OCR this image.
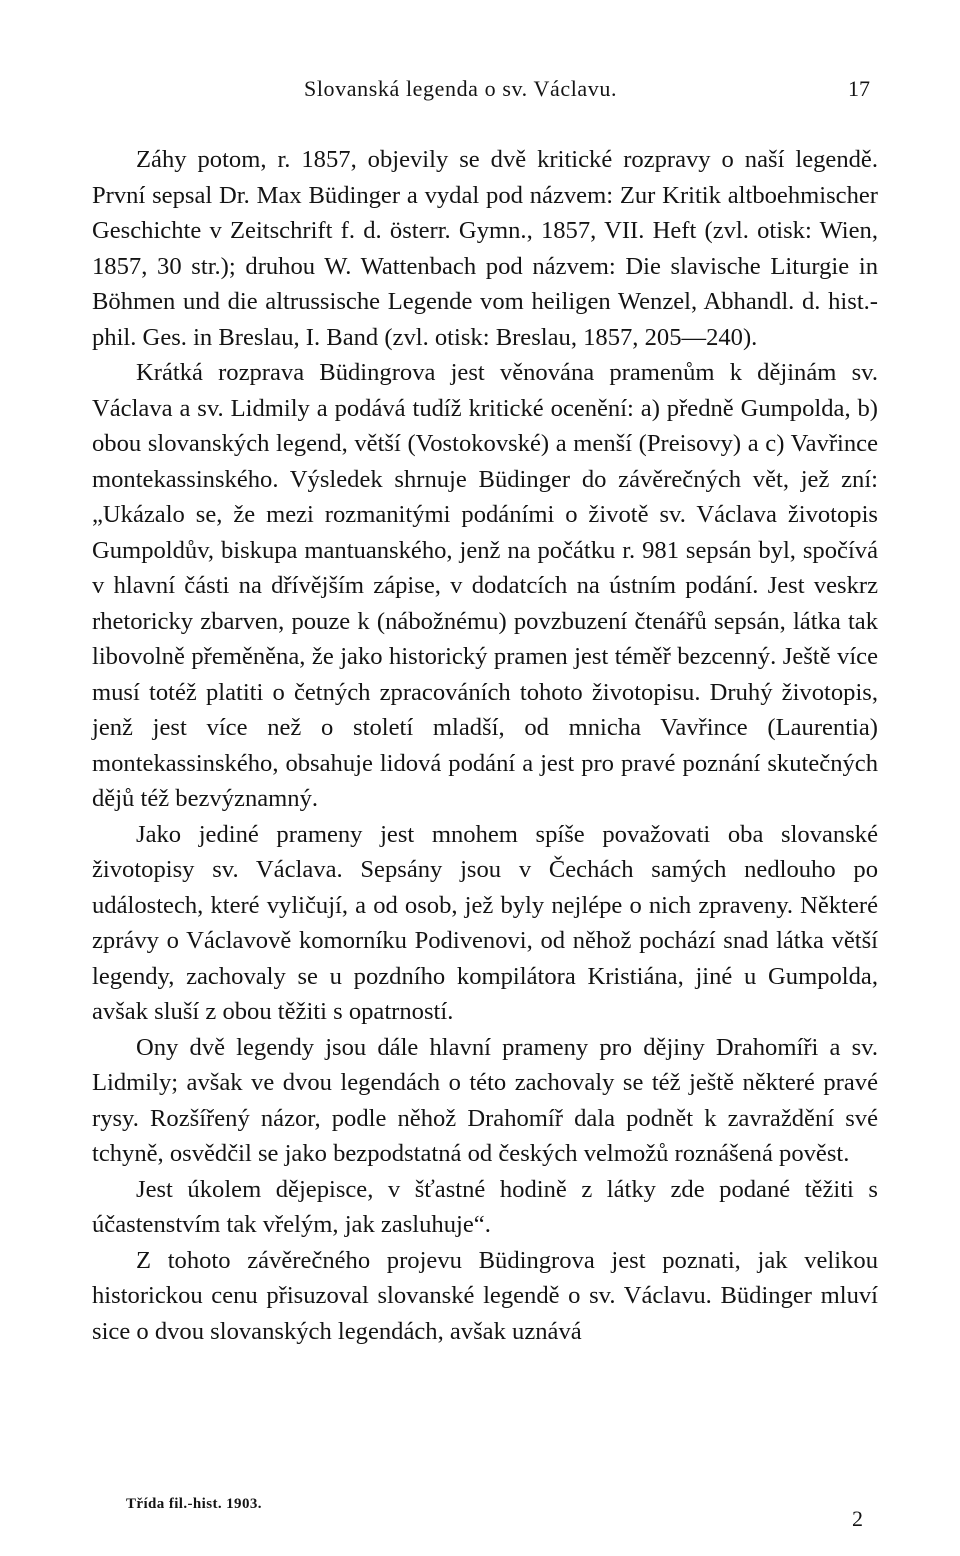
Slovanská legenda o sv. Václavu.	17

Záhy potom, r. 1857, objevily se dvě kritické rozpravy o naší legendě. První sepsal Dr. Max Büdinger a vydal pod názvem: Zur Kritik altboehmischer Geschichte v Zeitschrift f. d. österr. Gymn., 1857, VII. Heft (zvl. otisk: Wien, 1857, 30 str.); druhou W. Wattenbach pod názvem: Die slavische Liturgie in Böhmen und die altrussische Legende vom heiligen Wenzel, Abhandl. d. hist.-phil. Ges. in Breslau, I. Band (zvl. otisk: Breslau, 1857, 205—240).

Krátká rozprava Büdingrova jest věnována pramenům k dějinám sv. Václava a sv. Lidmily a podává tudíž kritické ocenění: a) předně Gumpolda, b) obou slovanských legend, větší (Vostokovské) a menší (Preisovy) a c) Vavřince montekassinského. Výsledek shrnuje Büdinger do závěrečných vět, jež zní: „Ukázalo se, že mezi rozmanitými podáními o životě sv. Václava životopis Gumpoldův, biskupa mantuanského, jenž na počátku r. 981 sepsán byl, spočívá v hlavní části na dřívějším zápise, v dodatcích na ústním podání. Jest veskrz rhetoricky zbarven, pouze k (nábožnému) povzbuzení čtenářů sepsán, látka tak libovolně přeměněna, že jako historický pramen jest téměř bezcenný. Ještě více musí totéž platiti o četných zpracováních tohoto životopisu. Druhý životopis, jenž jest více než o století mladší, od mnicha Vavřince (Laurentia) montekassinského, obsahuje lidová podání a jest pro pravé poznání skutečných dějů též bezvýznamný.

Jako jediné prameny jest mnohem spíše považovati oba slovanské životopisy sv. Václava. Sepsány jsou v Čechách samých nedlouho po událostech, které vyličují, a od osob, jež byly nejlépe o nich zpraveny. Některé zprávy o Václavově komorníku Podivenovi, od něhož pochází snad látka větší legendy, zachovaly se u pozdního kompilátora Kristiána, jiné u Gumpolda, avšak sluší z obou těžiti s opatrností.

Ony dvě legendy jsou dále hlavní prameny pro dějiny Drahomíři a sv. Lidmily; avšak ve dvou legendách o této zachovaly se též ještě některé pravé rysy. Rozšířený názor, podle něhož Drahomíř dala podnět k zavraždění své tchyně, osvědčil se jako bezpodstatná od českých velmožů roznášená pověst.

Jest úkolem dějepisce, v šťastné hodině z látky zde podané těžiti s účastenstvím tak vřelým, jak zasluhuje“.

Z tohoto závěrečného projevu Büdingrova jest poznati, jak velikou historickou cenu přisuzoval slovanské legendě o sv. Václavu. Büdinger mluví sice o dvou slovanských legendách, avšak uznává

Třída fil.-hist. 1903.
2
